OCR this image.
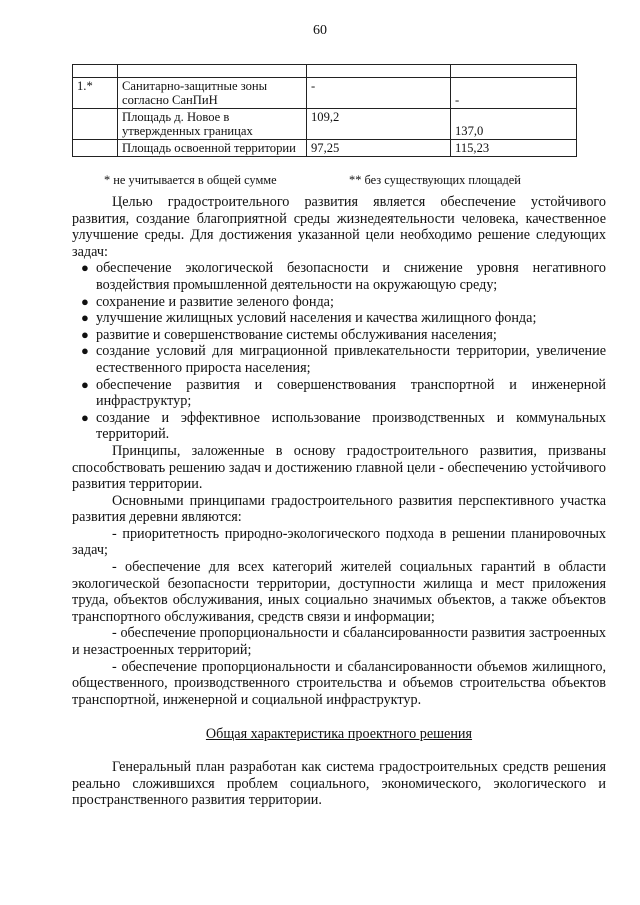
60

1.*	Санитарно-защитные зоны согласно СанПиН	-	-
	Площадь д. Новое в утвержденных границах	109,2	137,0
	Площадь освоенной территории	97,25	115,23
* не учитывается в общей сумме	** без существующих площадей

Целью градостроительного развития является обеспечение устойчивого развития, создание благоприятной среды жизнедеятельности человека, качественное улучшение среды. Для достижения указанной цели необходимо решение следующих задач:

● обеспечение экологической безопасности и снижение уровня негативного воздействия промышленной деятельности на окружающую среду;
● сохранение и развитие зеленого фонда;
● улучшение жилищных условий населения и качества жилищного фонда;
● развитие и совершенствование системы обслуживания населения;
● создание условий для миграционной привлекательности территории, увеличение естественного прироста населения;
● обеспечение развития и совершенствования транспортной и инженерной инфраструктур;
● создание и эффективное использование производственных и коммунальных территорий.

Принципы, заложенные в основу градостроительного развития, призваны способствовать решению задач и достижению главной цели - обеспечению устойчивого развития территории.

Основными принципами градостроительного развития перспективного участка развития деревни являются:

- приоритетность природно-экологического подхода в решении планировочных задач;

- обеспечение для всех категорий жителей социальных гарантий в области экологической безопасности территории, доступности жилища и мест приложения труда, объектов обслуживания, иных социально значимых объектов, а также объектов транспортного обслуживания, средств связи и информации;

- обеспечение пропорциональности и сбалансированности развития застроенных и незастроенных территорий;

- обеспечение пропорциональности и сбалансированности объемов жилищного, общественного, производственного строительства и объемов строительства объектов транспортной, инженерной и социальной инфраструктур.

Общая характеристика проектного решения

Генеральный план разработан как система градостроительных средств решения реально сложившихся проблем социального, экономического, экологического и пространственного развития территории.
